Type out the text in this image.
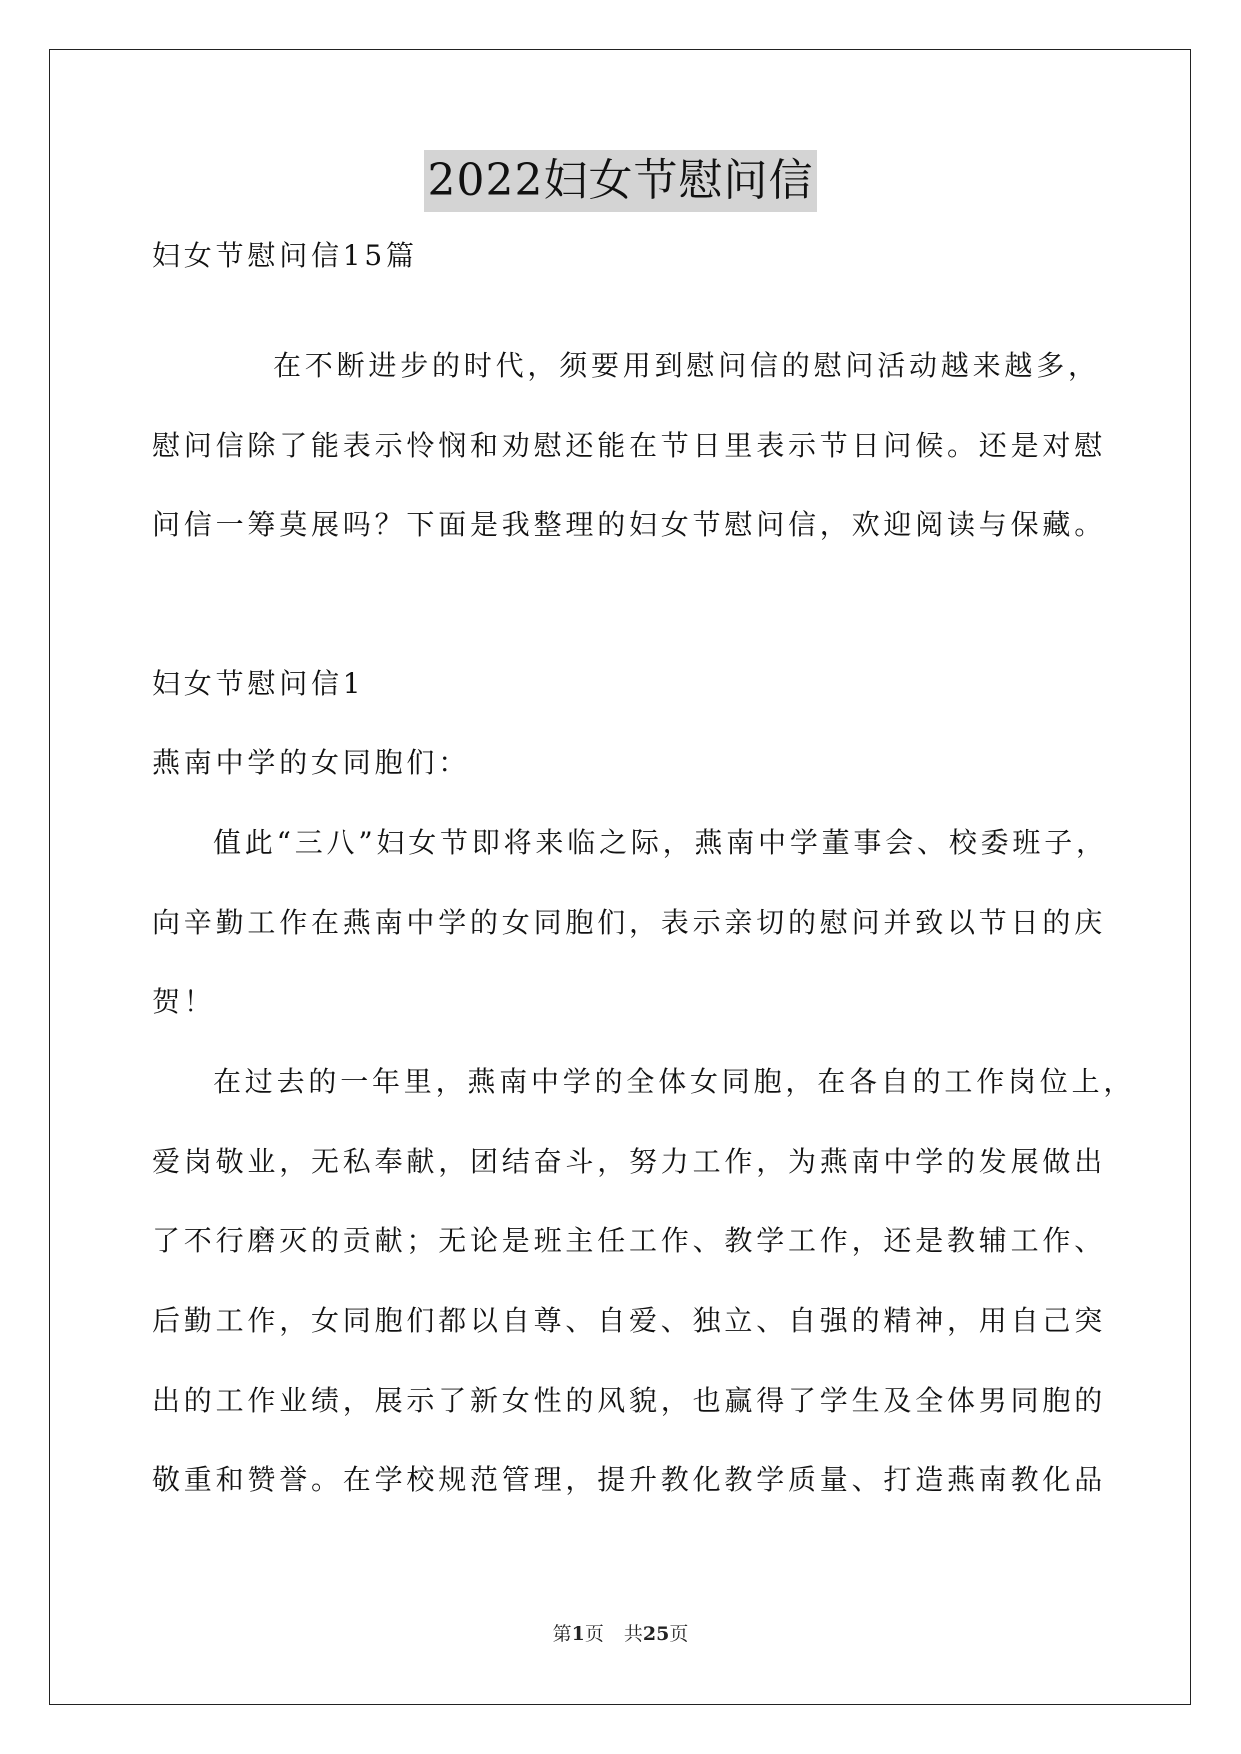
2022妇女节慰问信
妇女节慰问信15篇
在不断进步的时代，须要用到慰问信的慰问活动越来越多，
慰问信除了能表示怜悯和劝慰还能在节日里表示节日问候。还是对慰
问信一筹莫展吗？下面是我整理的妇女节慰问信，欢迎阅读与保藏。
妇女节慰问信1
燕南中学的女同胞们：
值此“三八”妇女节即将来临之际，燕南中学董事会、校委班子，
向辛勤工作在燕南中学的女同胞们，表示亲切的慰问并致以节日的庆
贺！
在过去的一年里，燕南中学的全体女同胞，在各自的工作岗位上，
爱岗敬业，无私奉献，团结奋斗，努力工作，为燕南中学的发展做出
了不行磨灭的贡献；无论是班主任工作、教学工作，还是教辅工作、
后勤工作，女同胞们都以自尊、自爱、独立、自强的精神，用自己突
出的工作业绩，展示了新女性的风貌，也赢得了学生及全体男同胞的
敬重和赞誉。在学校规范管理，提升教化教学质量、打造燕南教化品
第1页 共25页
